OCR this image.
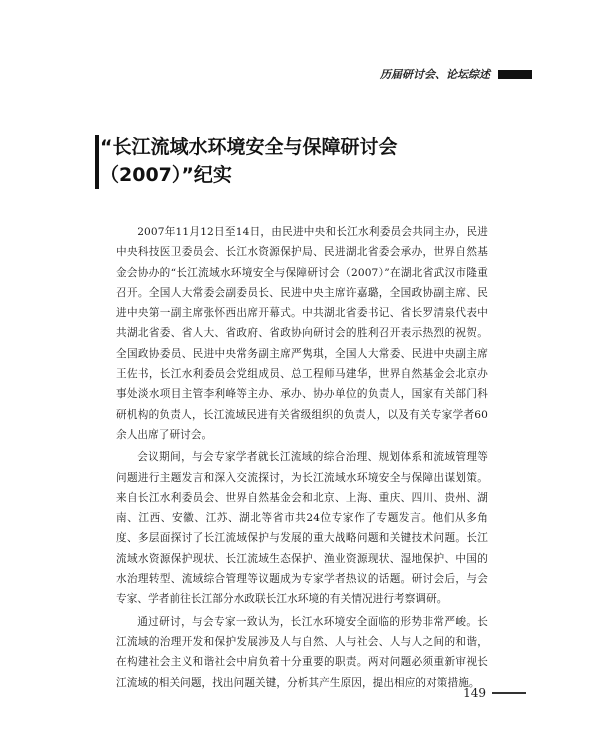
历届研讨会、论坛综述
“长江流域水环境安全与保障研讨会
（2007）”纪实

2007年11月12日至14日，由民进中央和长江水利委员会共同主办，民进中央科技医卫委员会、长江水资源保护局、民进湖北省委会承办，世界自然基金会协办的“长江流域水环境安全与保障研讨会（2007）”在湖北省武汉市隆重召开。全国人大常委会副委员长、民进中央主席许嘉璐，全国政协副主席、民进中央第一副主席张怀西出席开幕式。中共湖北省委书记、省长罗清泉代表中共湖北省委、省人大、省政府、省政协向研讨会的胜利召开表示热烈的祝贺。全国政协委员、民进中央常务副主席严隽琪，全国人大常委、民进中央副主席王佐书，长江水利委员会党组成员、总工程师马建华，世界自然基金会北京办事处淡水项目主管李利峰等主办、承办、协办单位的负责人，国家有关部门科研机构的负责人，长江流域民进有关省级组织的负责人，以及有关专家学者60余人出席了研讨会。

会议期间，与会专家学者就长江流域的综合治理、规划体系和流域管理等问题进行主题发言和深入交流探讨，为长江流域水环境安全与保障出谋划策。来自长江水利委员会、世界自然基金会和北京、上海、重庆、四川、贵州、湖南、江西、安徽、江苏、湖北等省市共24位专家作了专题发言。他们从多角度、多层面探讨了长江流域保护与发展的重大战略问题和关键技术问题。长江流域水资源保护现状、长江流域生态保护、渔业资源现状、湿地保护、中国的水治理转型、流域综合管理等议题成为专家学者热议的话题。研讨会后，与会专家、学者前往长江部分水政联长江水环境的有关情况进行考察调研。

通过研讨，与会专家一致认为，长江水环境安全面临的形势非常严峻。长江流域的治理开发和保护发展涉及人与自然、人与社会、人与人之间的和谐，在构建社会主义和谐社会中肩负着十分重要的职责。两对问题必须重新审视长江流域的相关问题，找出问题关键，分析其产生原因，提出相应的对策措施。

149
